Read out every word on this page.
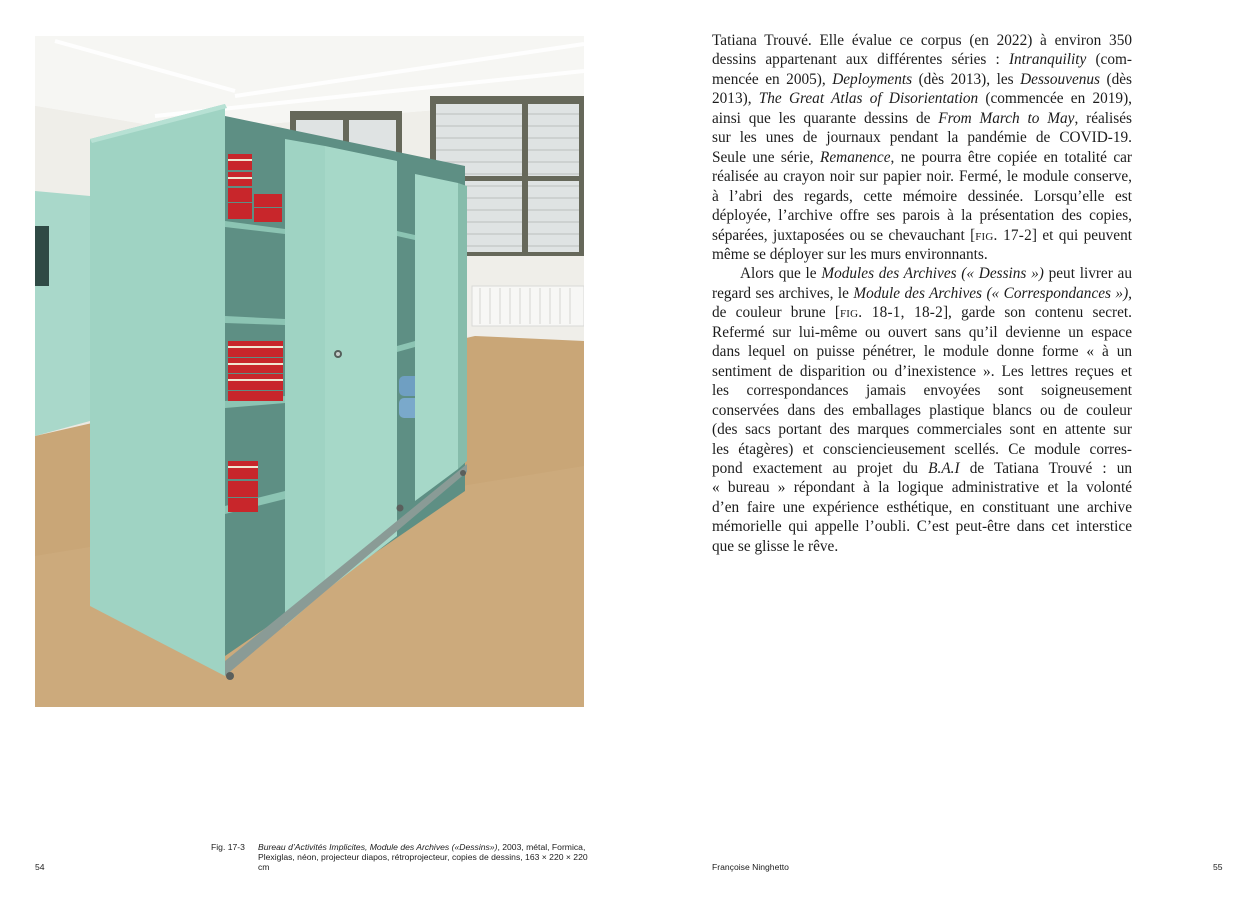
Fig. 17-3 Bureau d’Activités Implicites, Module des Archives («Dessins»), 2003, métal, Formica, Plexiglas, néon, projecteur diapos, rétroprojecteur, copies de dessins, 163 × 220 × 220 cm
54	Françoise Ninghetto	55
Tatiana Trouvé. Elle évalue ce corpus (en 2022) à environ 350
dessins appartenant aux différentes séries : Intranquility (com-
mencée en 2005), Deployments (dès 2013), les Dessouvenus (dès
2013), The Great Atlas of Disorientation (commencée en 2019),
ainsi que les quarante dessins de From March to May, réalisés
sur les unes de journaux pendant la pandémie de COVID-19.
Seule une série, Remanence, ne pourra être copiée en totalité car
réalisée au crayon noir sur papier noir. Fermé, le module conserve,
à l’abri des regards, cette mémoire dessinée. Lorsqu’elle est
déployée, l’archive offre ses parois à la présentation des copies,
séparées, juxtaposées ou se chevauchant [fig. 17-2] et qui peuvent
même se déployer sur les murs environnants.
Alors que le Modules des Archives (« Dessins ») peut livrer au
regard ses archives, le Module des Archives (« Correspondances »),
de couleur brune [fig. 18-1, 18-2], garde son contenu secret.
Refermé sur lui-même ou ouvert sans qu’il devienne un espace
dans lequel on puisse pénétrer, le module donne forme « à un
sentiment de disparition ou d’inexistence ». Les lettres reçues et
les correspondances jamais envoyées sont soigneusement
conservées dans des emballages plastique blancs ou de couleur
(des sacs portant des marques commerciales sont en attente sur
les étagères) et consciencieusement scellés. Ce module corres-
pond exactement au projet du B.A.I de Tatiana Trouvé : un
« bureau » répondant à la logique administrative et la volonté
d’en faire une expérience esthétique, en constituant une archive
mémorielle qui appelle l’oubli. C’est peut-être dans cet interstice
que se glisse le rêve.
